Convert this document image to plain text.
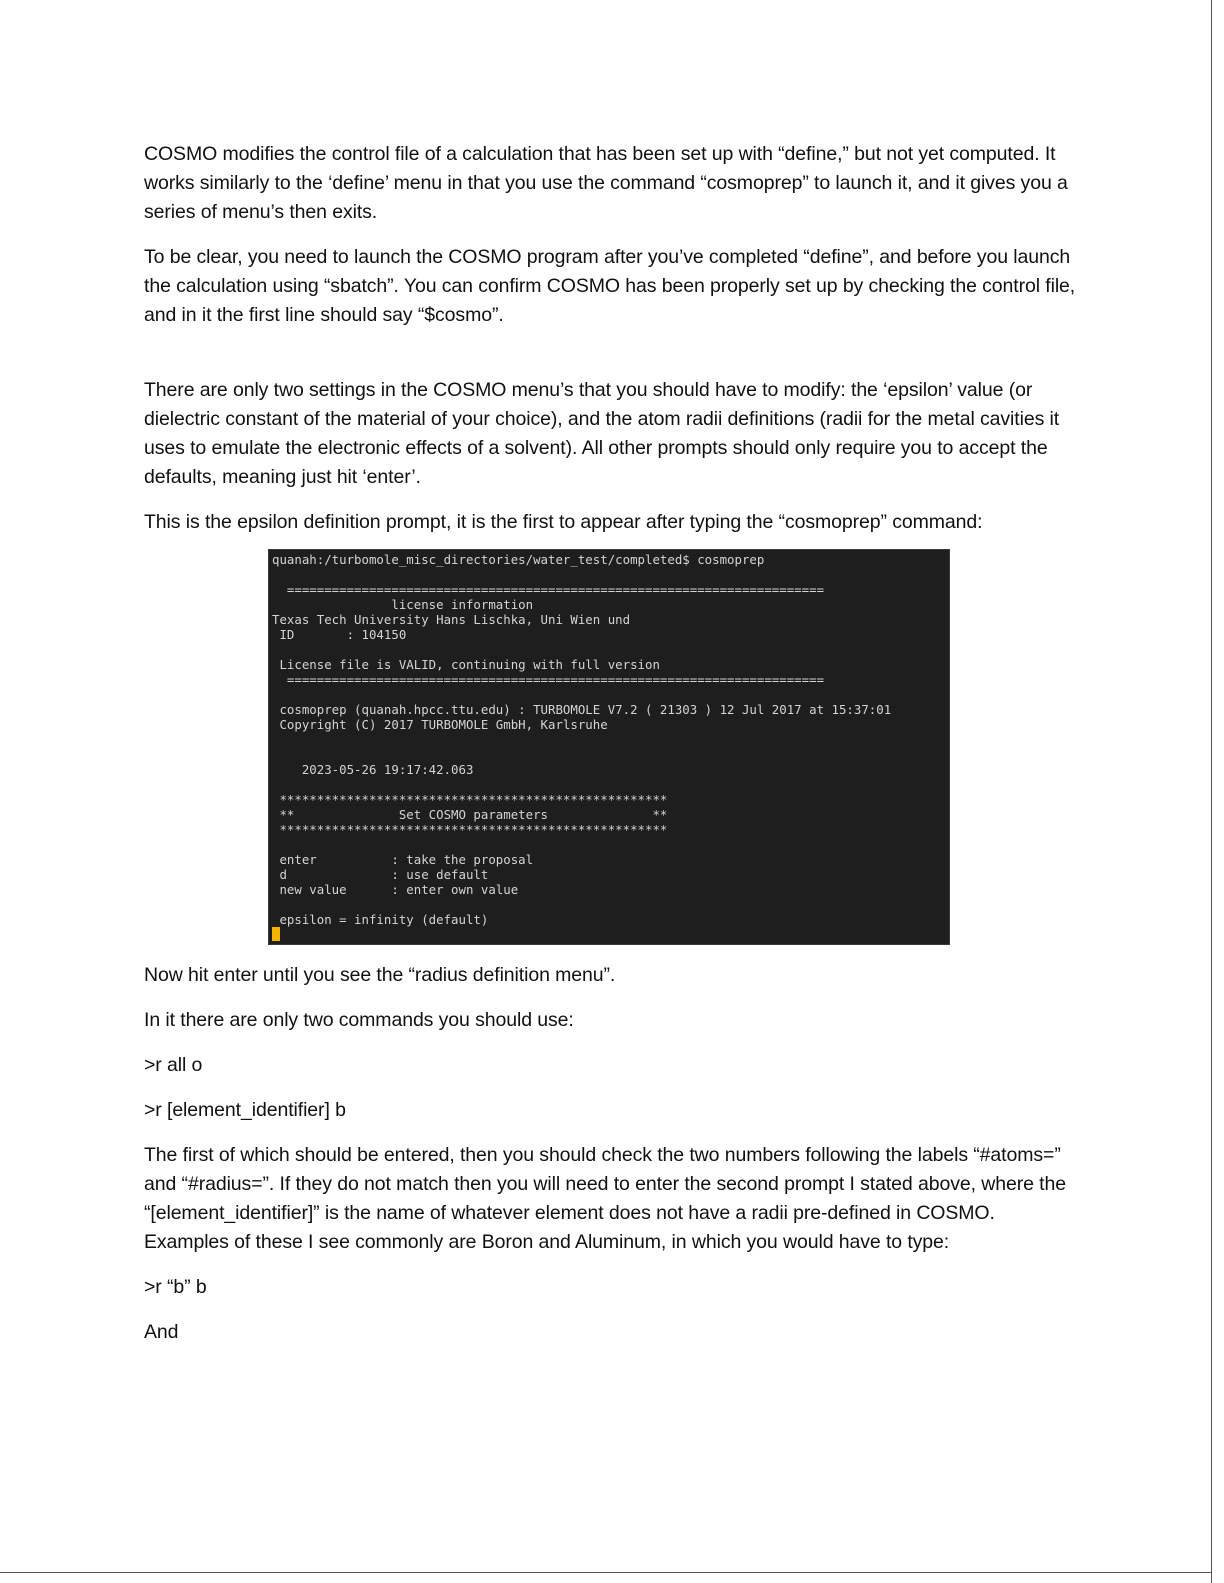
COSMO modifies the control file of a calculation that has been set up with “define,” but not yet computed. It works similarly to the ‘define’ menu in that you use the command “cosmoprep” to launch it, and it gives you a series of menu’s then exits.

To be clear, you need to launch the COSMO program after you’ve completed “define”, and before you launch the calculation using “sbatch”. You can confirm COSMO has been properly set up by checking the control file, and in it the first line should say “$cosmo”.

There are only two settings in the COSMO menu’s that you should have to modify: the ‘epsilon’ value (or dielectric constant of the material of your choice), and the atom radii definitions (radii for the metal cavities it uses to emulate the electronic effects of a solvent). All other prompts should only require you to accept the defaults, meaning just hit ‘enter’.

This is the epsilon definition prompt, it is the first to appear after typing the “cosmoprep” command:

quanah:/turbomole_misc_directories/water_test/completed$ cosmoprep
========================================================================
license information
Texas Tech University Hans Lischka, Uni Wien und
ID       : 104150
License file is VALID, continuing with full version
========================================================================
cosmoprep (quanah.hpcc.ttu.edu) : TURBOMOLE V7.2 ( 21303 ) 12 Jul 2017 at 15:37:01
Copyright (C) 2017 TURBOMOLE GmbH, Karlsruhe
2023-05-26 19:17:42.063
****************************************************
**              Set COSMO parameters              **
****************************************************
enter          : take the proposal
d              : use default
new value      : enter own value
epsilon = infinity (default)

Now hit enter until you see the “radius definition menu”.

In it there are only two commands you should use:

>r all o

>r [element_identifier] b

The first of which should be entered, then you should check the two numbers following the labels “#atoms=” and “#radius=”. If they do not match then you will need to enter the second prompt I stated above, where the “[element_identifier]” is the name of whatever element does not have a radii pre-defined in COSMO. Examples of these I see commonly are Boron and Aluminum, in which you would have to type:

>r “b” b

And
